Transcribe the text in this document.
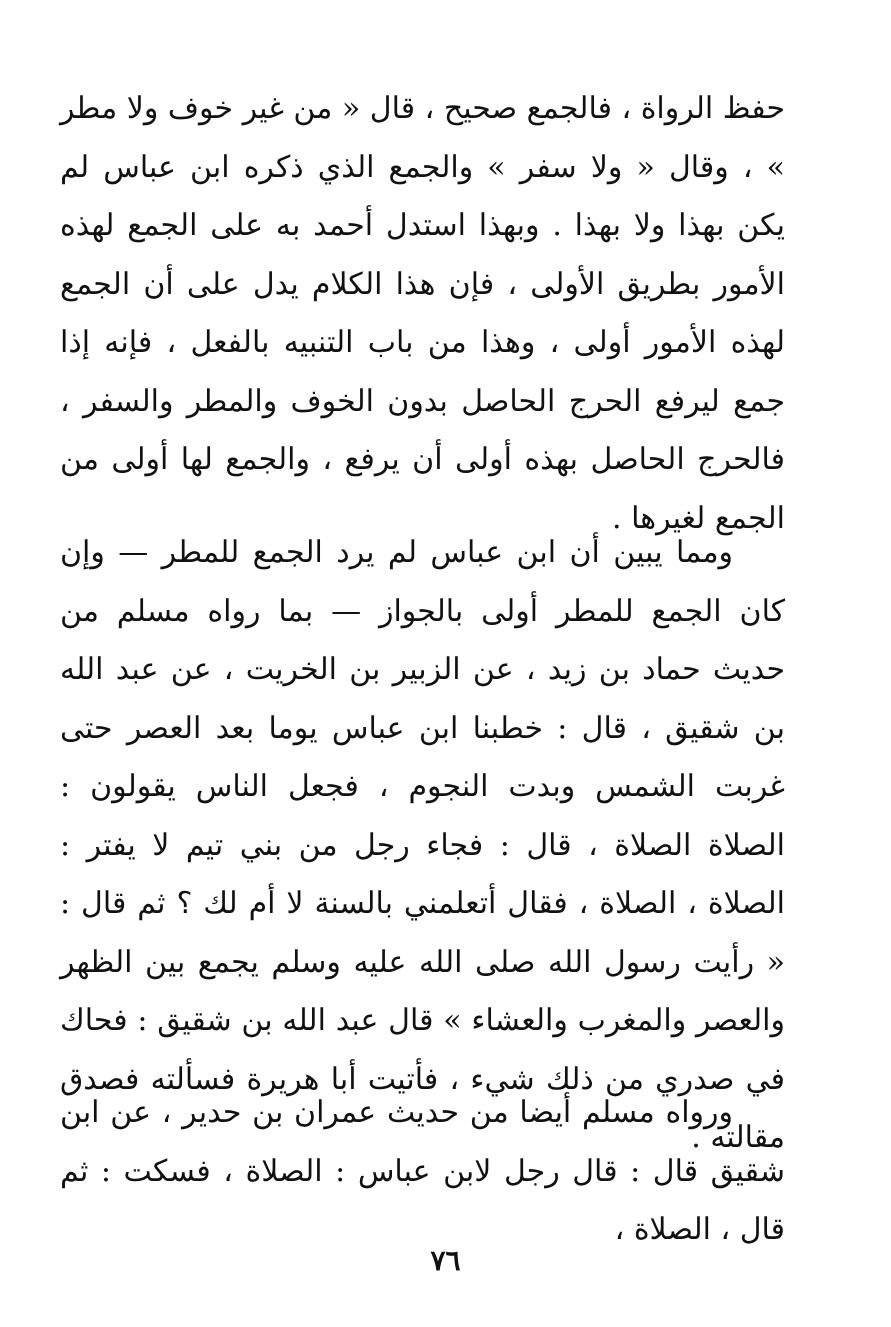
حفظ الرواة ، فالجمع صحيح ، قال « من غير خوف ولا مطر » ، وقال « ولا سفر » والجمع الذي ذكره ابن عباس لم يكن بهذا ولا بهذا . وبهذا استدل أحمد به على الجمع لهذه الأمور بطريق الأولى ، فإن هذا الكلام يدل على أن الجمع لهذه الأمور أولى ، وهذا من باب التنبيه بالفعل ، فإنه إذا جمع ليرفع الحرج الحاصل بدون الخوف والمطر والسفر ، فالحرج الحاصل بهذه أولى أن يرفع ، والجمع لها أولى من الجمع لغيرها .

ومما يبين أن ابن عباس لم يرد الجمع للمطر — وإن كان الجمع للمطر أولى بالجواز — بما رواه مسلم من حديث حماد بن زيد ، عن الزبير بن الخريت ، عن عبد الله بن شقيق ، قال : خطبنا ابن عباس يوما بعد العصر حتى غربت الشمس وبدت النجوم ، فجعل الناس يقولون : الصلاة الصلاة ، قال : فجاء رجل من بني تيم لا يفتر : الصلاة ، الصلاة ، فقال أتعلمني بالسنة لا أم لك ؟ ثم قال : « رأيت رسول الله صلى الله عليه وسلم يجمع بين الظهر والعصر والمغرب والعشاء » قال عبد الله بن شقيق : فحاك في صدري من ذلك شيء ، فأتيت أبا هريرة فسألته فصدق مقالته .

ورواه مسلم أيضا من حديث عمران بن حدير ، عن ابن شقيق قال : قال رجل لابن عباس : الصلاة ، فسكت : ثم قال ، الصلاة ،

٧٦
